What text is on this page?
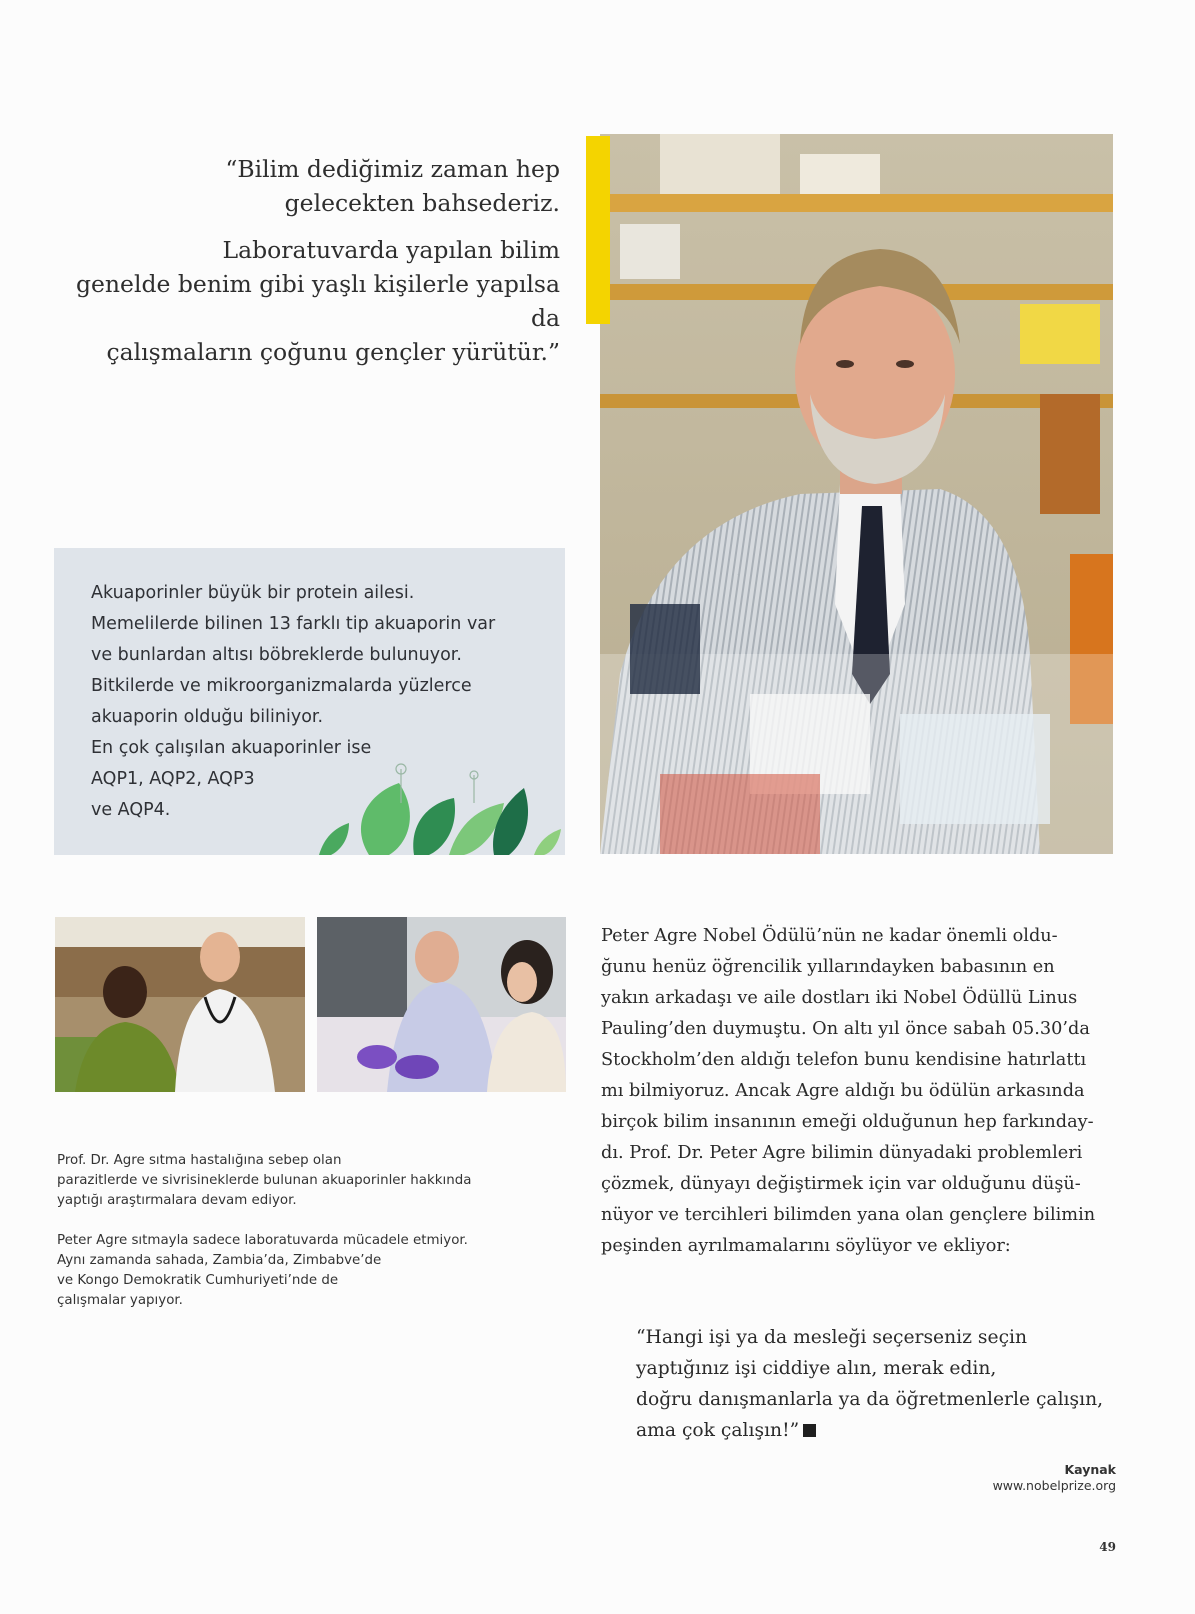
“Bilim dediğimiz zaman hep
gelecekten bahsederiz.

Laboratuvarda yapılan bilim
genelde benim gibi yaşlı kişilerle yapılsa da
çalışmaların çoğunu gençler yürütür.”

Akuaporinler büyük bir protein ailesi.
Memelilerde bilinen 13 farklı tip akuaporin var
ve bunlardan altısı böbreklerde bulunuyor.
Bitkilerde ve mikroorganizmalarda yüzlerce
akuaporin olduğu biliniyor.
En çok çalışılan akuaporinler ise
AQP1, AQP2, AQP3
ve AQP4.

Prof. Dr. Agre sıtma hastalığına sebep olan
parazitlerde ve sivrisineklerde bulunan akuaporinler hakkında
yaptığı araştırmalara devam ediyor.

Peter Agre sıtmayla sadece laboratuvarda mücadele etmiyor.
Aynı zamanda sahada, Zambia’da, Zimbabve’de
ve Kongo Demokratik Cumhuriyeti’nde de
çalışmalar yapıyor.

Peter Agre Nobel Ödülü’nün ne kadar önemli oldu-
ğunu henüz öğrencilik yıllarındayken babasının en
yakın arkadaşı ve aile dostları iki Nobel Ödüllü Linus
Pauling’den duymuştu. On altı yıl önce sabah 05.30’da
Stockholm’den aldığı telefon bunu kendisine hatırlattı
mı bilmiyoruz. Ancak Agre aldığı bu ödülün arkasında
birçok bilim insanının emeği olduğunun hep farkınday-
dı. Prof. Dr. Peter Agre bilimin dünyadaki problemleri
çözmek, dünyayı değiştirmek için var olduğunu düşü-
nüyor ve tercihleri bilimden yana olan gençlere bilimin
peşinden ayrılmamalarını söylüyor ve ekliyor:

“Hangi işi ya da mesleği seçerseniz seçin
yaptığınız işi ciddiye alın, merak edin,
doğru danışmanlarla ya da öğretmenlerle çalışın,
ama çok çalışın!”

Kaynak
www.nobelprize.org
49
